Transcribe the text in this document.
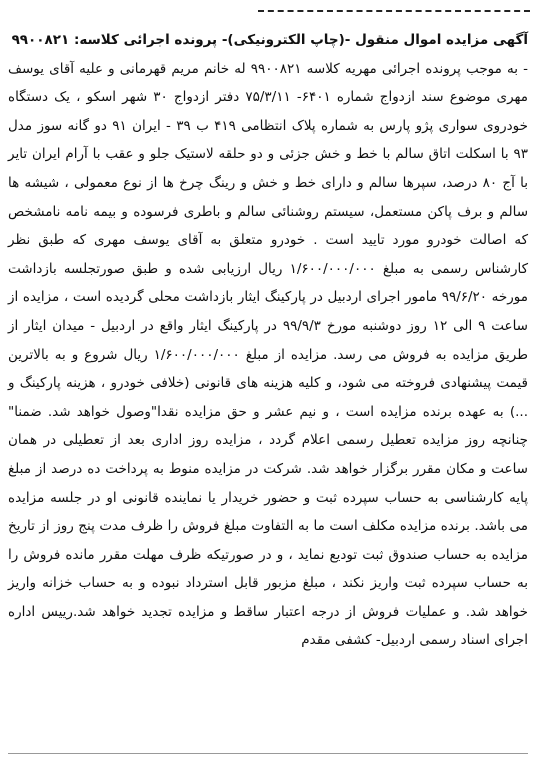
آگهی مزایده اموال منقول -(چاپ الکترونیکی)- پرونده اجرائی کلاسه: ۹۹۰۰۸۲۱
- به موجب پرونده اجرائی مهریه کلاسه ۹۹۰۰۸۲۱ له خانم مریم قهرمانی و علیه آقای یوسف مهری موضوع سند ازدواج شماره ۶۴۰۱- ۷۵/۳/۱۱ دفتر ازدواج ۳۰ شهر اسکو ، یک دستگاه خودروی سواری پژو پارس به شماره پلاک انتظامی ۴۱۹ ب ۳۹ - ایران ۹۱ دو گانه سوز مدل ۹۳ با اسکلت اتاق سالم با خط و خش جزئی و دو حلقه لاستیک جلو و عقب با آرام ایران تایر با آج ۸۰ درصد، سپرها سالم و دارای خط و خش و رینگ چرخ ها از نوع معمولی ، شیشه ها سالم و برف پاکن مستعمل، سیستم روشنائی سالم و باطری فرسوده و بیمه نامه نامشخص که اصالت خودرو مورد تایید است . خودرو متعلق به آقای یوسف مهری که طبق نظر کارشناس رسمی به مبلغ ۱/۶۰۰/۰۰۰/۰۰۰ ریال ارزیابی شده و طبق صورتجلسه بازداشت مورخه ۹۹/۶/۲۰ مامور اجرای اردبیل در پارکینگ ایثار بازداشت محلی گردیده است ، مزایده از ساعت ۹ الی ۱۲ روز دوشنبه مورخ ۹۹/۹/۳ در پارکینگ ایثار واقع در اردبیل - میدان ایثار از طریق مزایده به فروش می رسد. مزایده از مبلغ ۱/۶۰۰/۰۰۰/۰۰۰ ریال شروع و به بالاترین قیمت پیشنهادی فروخته می شود، و کلیه هزینه های قانونی (خلافی خودرو ، هزینه پارکینگ و ...) به عهده برنده مزایده است ، و نیم عشر و حق مزایده نقدا"وصول خواهد شد. ضمنا" چنانچه روز مزایده تعطیل رسمی اعلام گردد ، مزایده روز اداری بعد از تعطیلی در همان ساعت و مکان مقرر برگزار خواهد شد. شرکت در مزایده منوط به پرداخت ده درصد از مبلغ پایه کارشناسی به حساب سپرده ثبت و حضور خریدار یا نماینده قانونی او در جلسه مزایده می باشد. برنده مزایده مکلف است ما به التفاوت مبلغ فروش را ظرف مدت پنج روز از تاریخ مزایده به حساب صندوق ثبت تودیع نماید ، و در صورتیکه ظرف مهلت مقرر مانده فروش را به حساب سپرده ثبت واریز نکند ، مبلغ مزبور قابل استرداد نبوده و به حساب خزانه واریز خواهد شد. و عملیات فروش از درجه اعتبار ساقط و مزایده تجدید خواهد شد.رییس اداره اجرای اسناد رسمی اردبیل- کشفی مقدم
